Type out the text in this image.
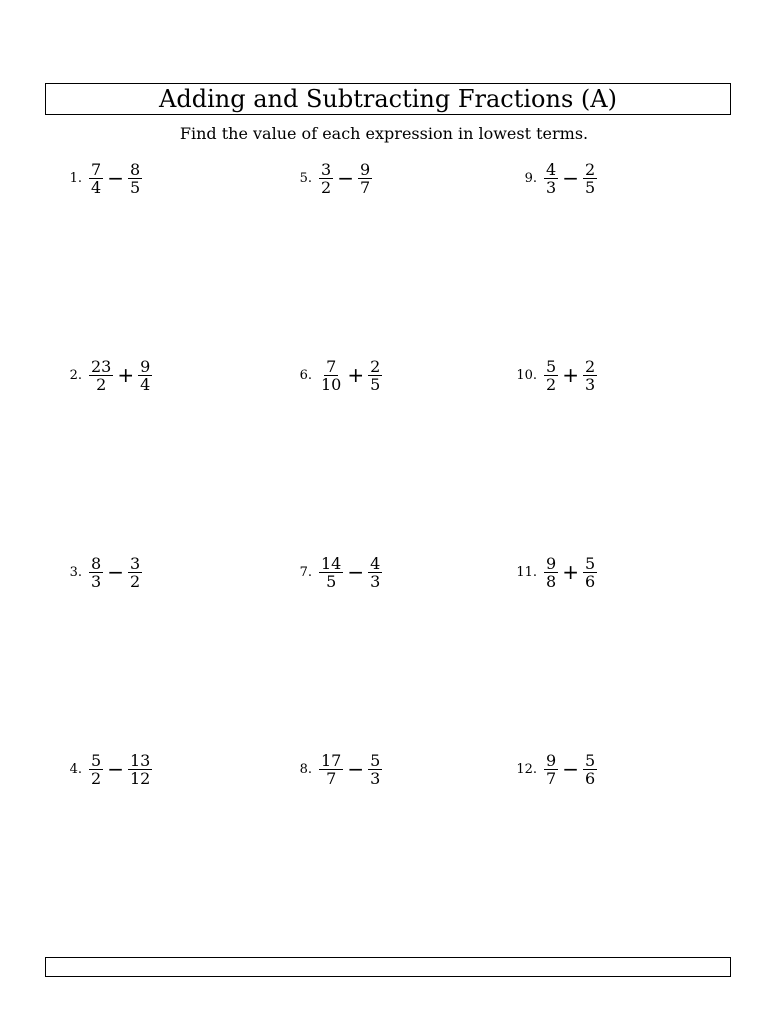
Adding and Subtracting Fractions (A)
Find the value of each expression in lowest terms.
1. $\frac{7}{4} - \frac{8}{5}$
2. $\frac{23}{2} + \frac{9}{4}$
3. $\frac{8}{3} - \frac{3}{2}$
4. $\frac{5}{2} - \frac{13}{12}$
5. $\frac{3}{2} - \frac{9}{7}$
6. $\frac{7}{10} + \frac{2}{5}$
7. $\frac{14}{5} - \frac{4}{3}$
8. $\frac{17}{7} - \frac{5}{3}$
9. $\frac{4}{3} - \frac{2}{5}$
10. $\frac{5}{2} + \frac{2}{3}$
11. $\frac{9}{8} + \frac{5}{6}$
12. $\frac{9}{7} - \frac{5}{6}$
